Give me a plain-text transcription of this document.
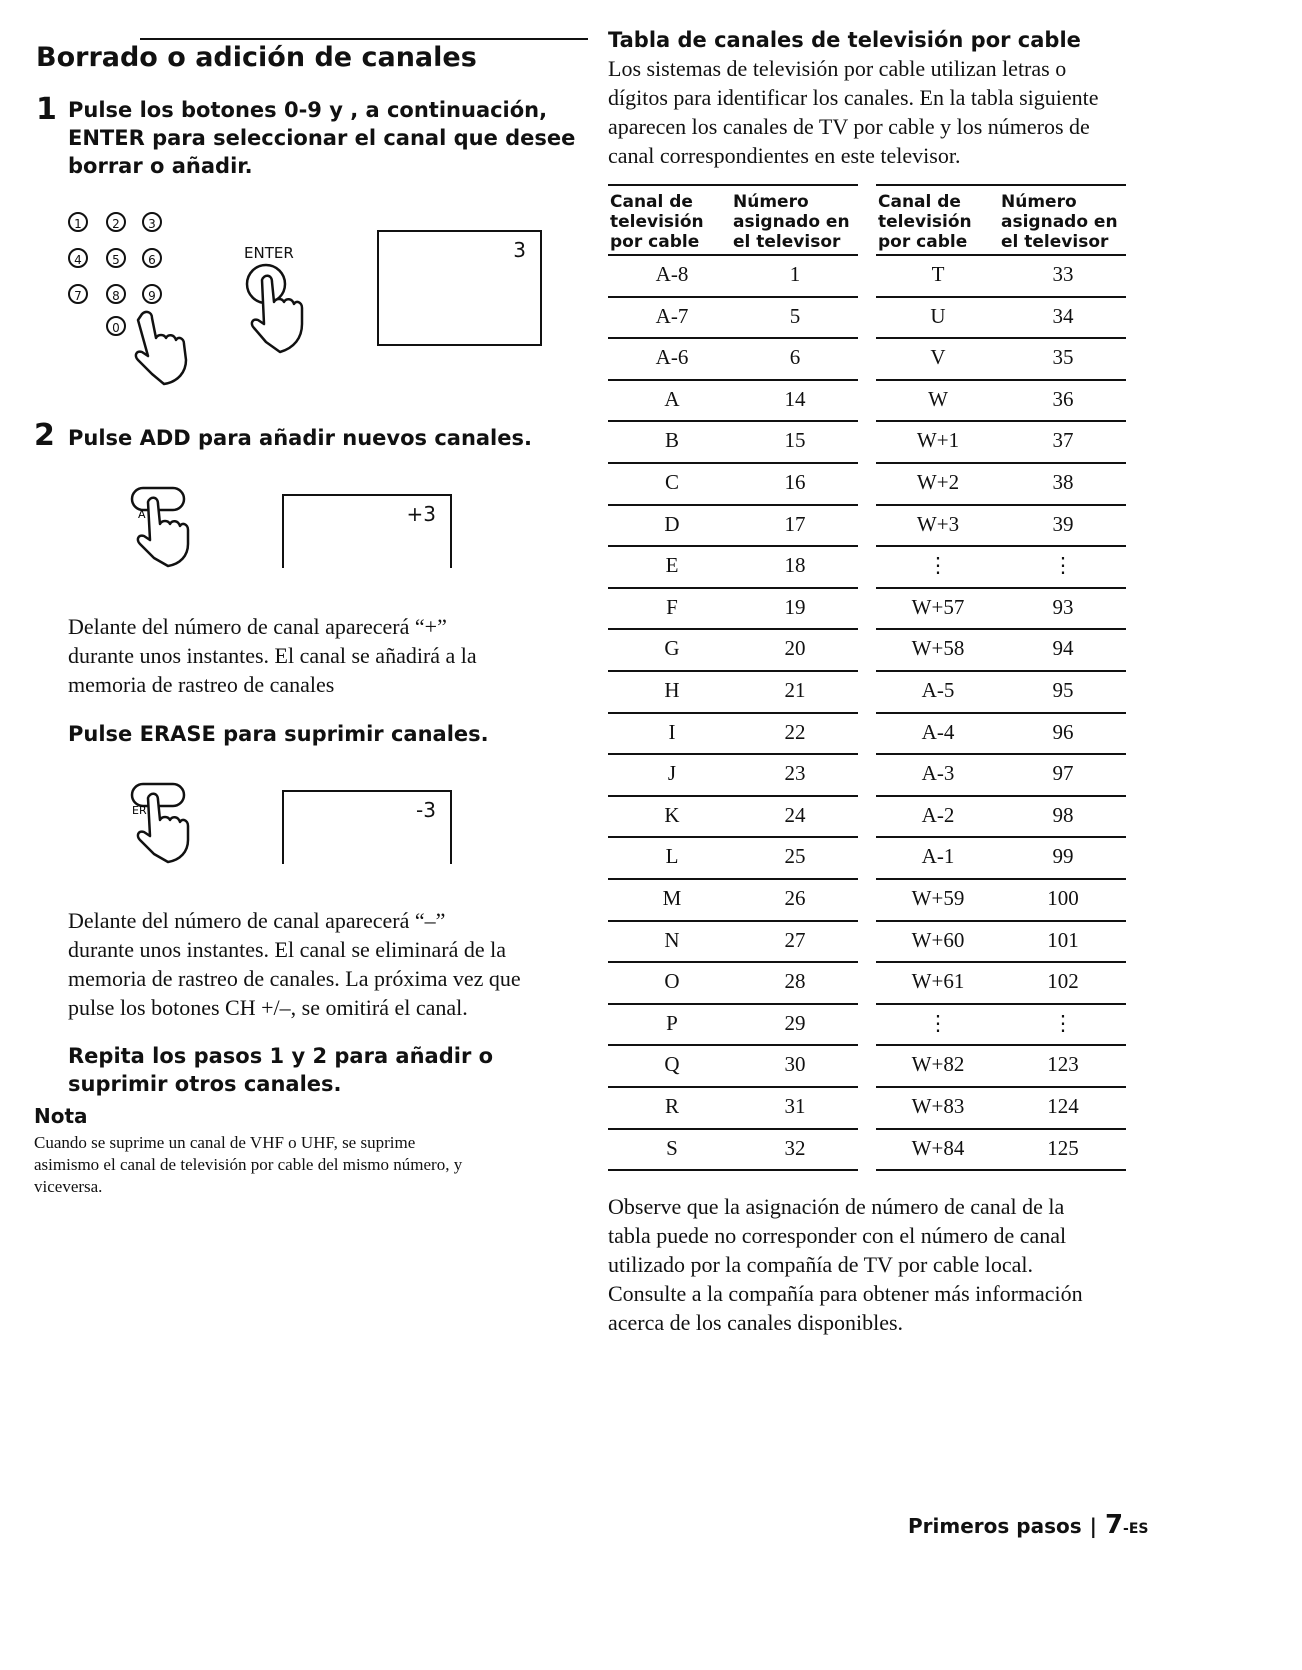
Borrado o adición de canales
1 Pulse los botones 0-9 y , a continuación,
ENTER para seleccionar el canal que desee
borrar o añadir.
1	2	3
4	5	6
7	8	9
0
ENTER	3
2 Pulse ADD para añadir nuevos canales.
A	+3
Delante del número de canal aparecerá “+”
durante unos instantes. El canal se añadirá a la
memoria de rastreo de canales
Pulse ERASE para suprimir canales.
ER	-3
Delante del número de canal aparecerá “–”
durante unos instantes. El canal se eliminará de la
memoria de rastreo de canales. La próxima vez que
pulse los botones CH +/–, se omitirá el canal.
Repita los pasos 1 y 2 para añadir o
suprimir otros canales.
Nota
Cuando se suprime un canal de VHF o UHF, se suprime
asimismo el canal de televisión por cable del mismo número, y
viceversa.
Tabla de canales de televisión por cable
Los sistemas de televisión por cable utilizan letras o
dígitos para identificar los canales. En la tabla siguiente
aparecen los canales de TV por cable y los números de
canal correspondientes en este televisor.
Canal de
televisión
por cable
Número
asignado en
el televisor
Canal de
televisión
por cable
Número
asignado en
el televisor
A-8	1
A-7	5
A-6	6
A	14
B	15
C	16
D	17
E	18
F	19
G	20
H	21
I	22
J	23
K	24
L	25
M	26
N	27
O	28
P	29
Q	30
R	31
S	32
T	33
U	34
V	35
W	36
W+1	37
W+2	38
W+3	39
⋮	⋮
W+57	93
W+58	94
A-5	95
A-4	96
A-3	97
A-2	98
A-1	99
W+59	100
W+60	101
W+61	102
⋮	⋮
W+82	123
W+83	124
W+84	125
Observe que la asignación de número de canal de la
tabla puede no corresponder con el número de canal
utilizado por la compañía de TV por cable local.
Consulte a la compañía para obtener más información
acerca de los canales disponibles.
Primeros pasos | 7 -ES
